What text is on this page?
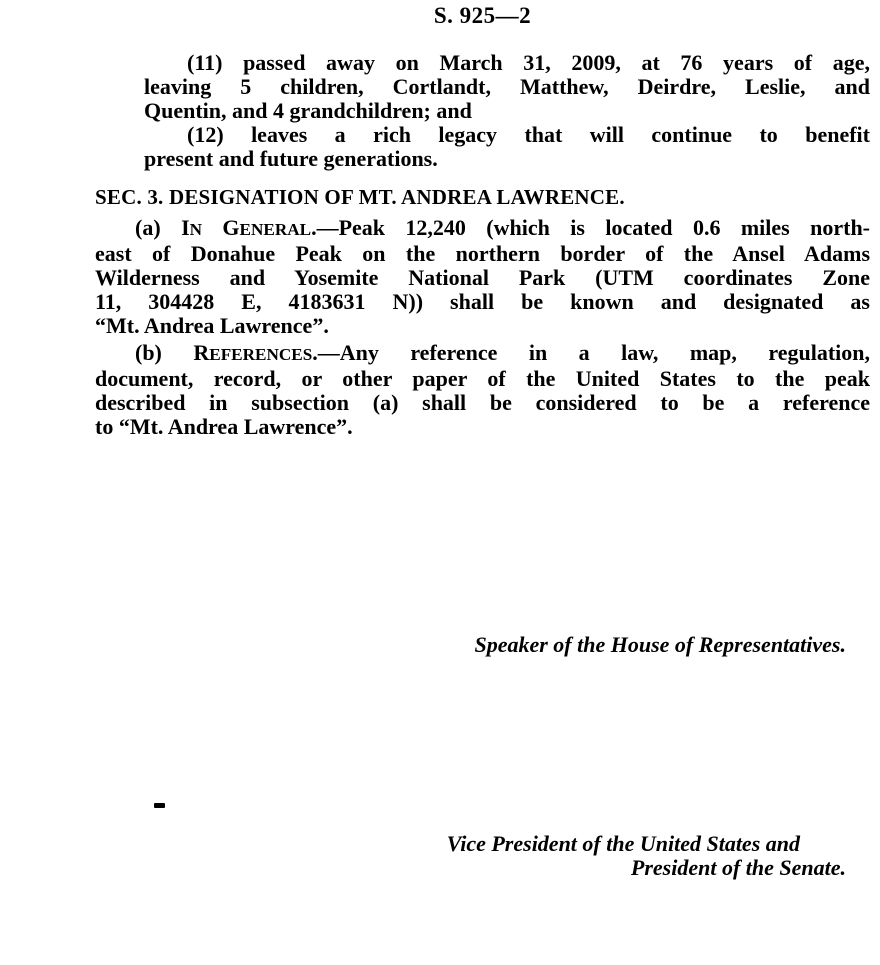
S. 925—2
(11) passed away on March 31, 2009, at 76 years of age,
leaving 5 children, Cortlandt, Matthew, Deirdre, Leslie, and
Quentin, and 4 grandchildren; and
(12) leaves a rich legacy that will continue to benefit
present and future generations.
SEC. 3. DESIGNATION OF MT. ANDREA LAWRENCE.
(a) IN GENERAL.—Peak 12,240 (which is located 0.6 miles north-
east of Donahue Peak on the northern border of the Ansel Adams
Wilderness and Yosemite National Park (UTM coordinates Zone
11, 304428 E, 4183631 N)) shall be known and designated as
“Mt. Andrea Lawrence”.
(b) REFERENCES.—Any reference in a law, map, regulation,
document, record, or other paper of the United States to the peak
described in subsection (a) shall be considered to be a reference
to “Mt. Andrea Lawrence”.
Speaker of the House of Representatives.
Vice President of the United States and
President of the Senate.
